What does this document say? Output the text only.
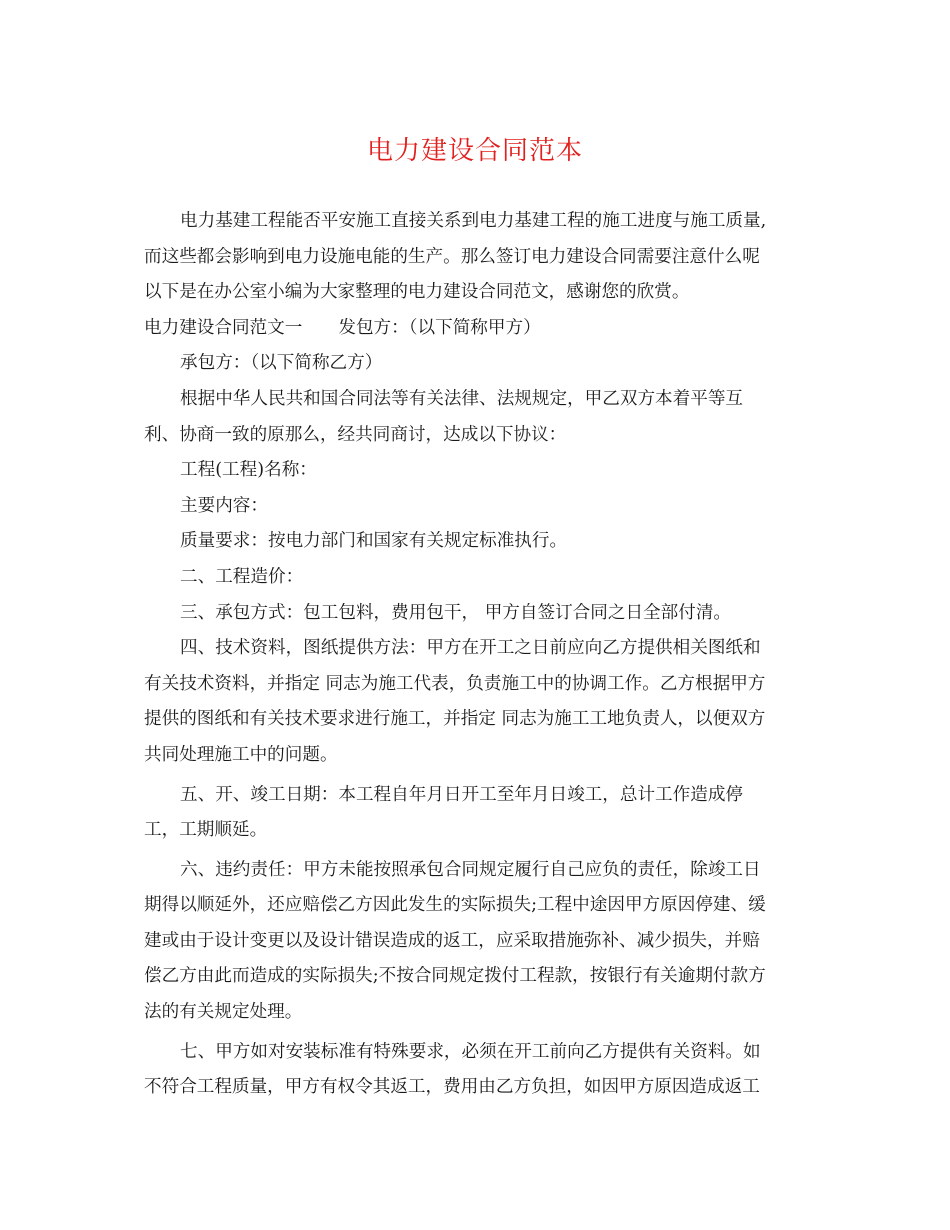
电力建设合同范本

电力基建工程能否平安施工直接关系到电力基建工程的施工进度与施工质量,

而这些都会影响到电力设施电能的生产。那么签订电力建设合同需要注意什么呢

以下是在办公室小编为大家整理的电力建设合同范文，感谢您的欣赏。

电力建设合同范文一 发包方：（以下简称甲方）

承包方：（以下简称乙方）

根据中华人民共和国合同法等有关法律、法规规定，甲乙双方本着平等互

利、协商一致的原那么，经共同商讨，达成以下协议：

工程(工程)名称：

主要内容：

质量要求：按电力部门和国家有关规定标准执行。

二、工程造价：

三、承包方式：包工包料，费用包干， 甲方自签订合同之日全部付清。

四、技术资料，图纸提供方法：甲方在开工之日前应向乙方提供相关图纸和

有关技术资料，并指定 同志为施工代表，负责施工中的协调工作。乙方根据甲方

提供的图纸和有关技术要求进行施工，并指定 同志为施工工地负责人，以便双方

共同处理施工中的问题。

五、开、竣工日期：本工程自年月日开工至年月日竣工，总计工作造成停

工，工期顺延。

六、违约责任：甲方未能按照承包合同规定履行自己应负的责任，除竣工日

期得以顺延外，还应赔偿乙方因此发生的实际损失;工程中途因甲方原因停建、缓

建或由于设计变更以及设计错误造成的返工，应采取措施弥补、减少损失，并赔

偿乙方由此而造成的实际损失;不按合同规定拨付工程款，按银行有关逾期付款方

法的有关规定处理。

七、甲方如对安装标准有特殊要求，必须在开工前向乙方提供有关资料。如

不符合工程质量，甲方有权令其返工，费用由乙方负担，如因甲方原因造成返工
